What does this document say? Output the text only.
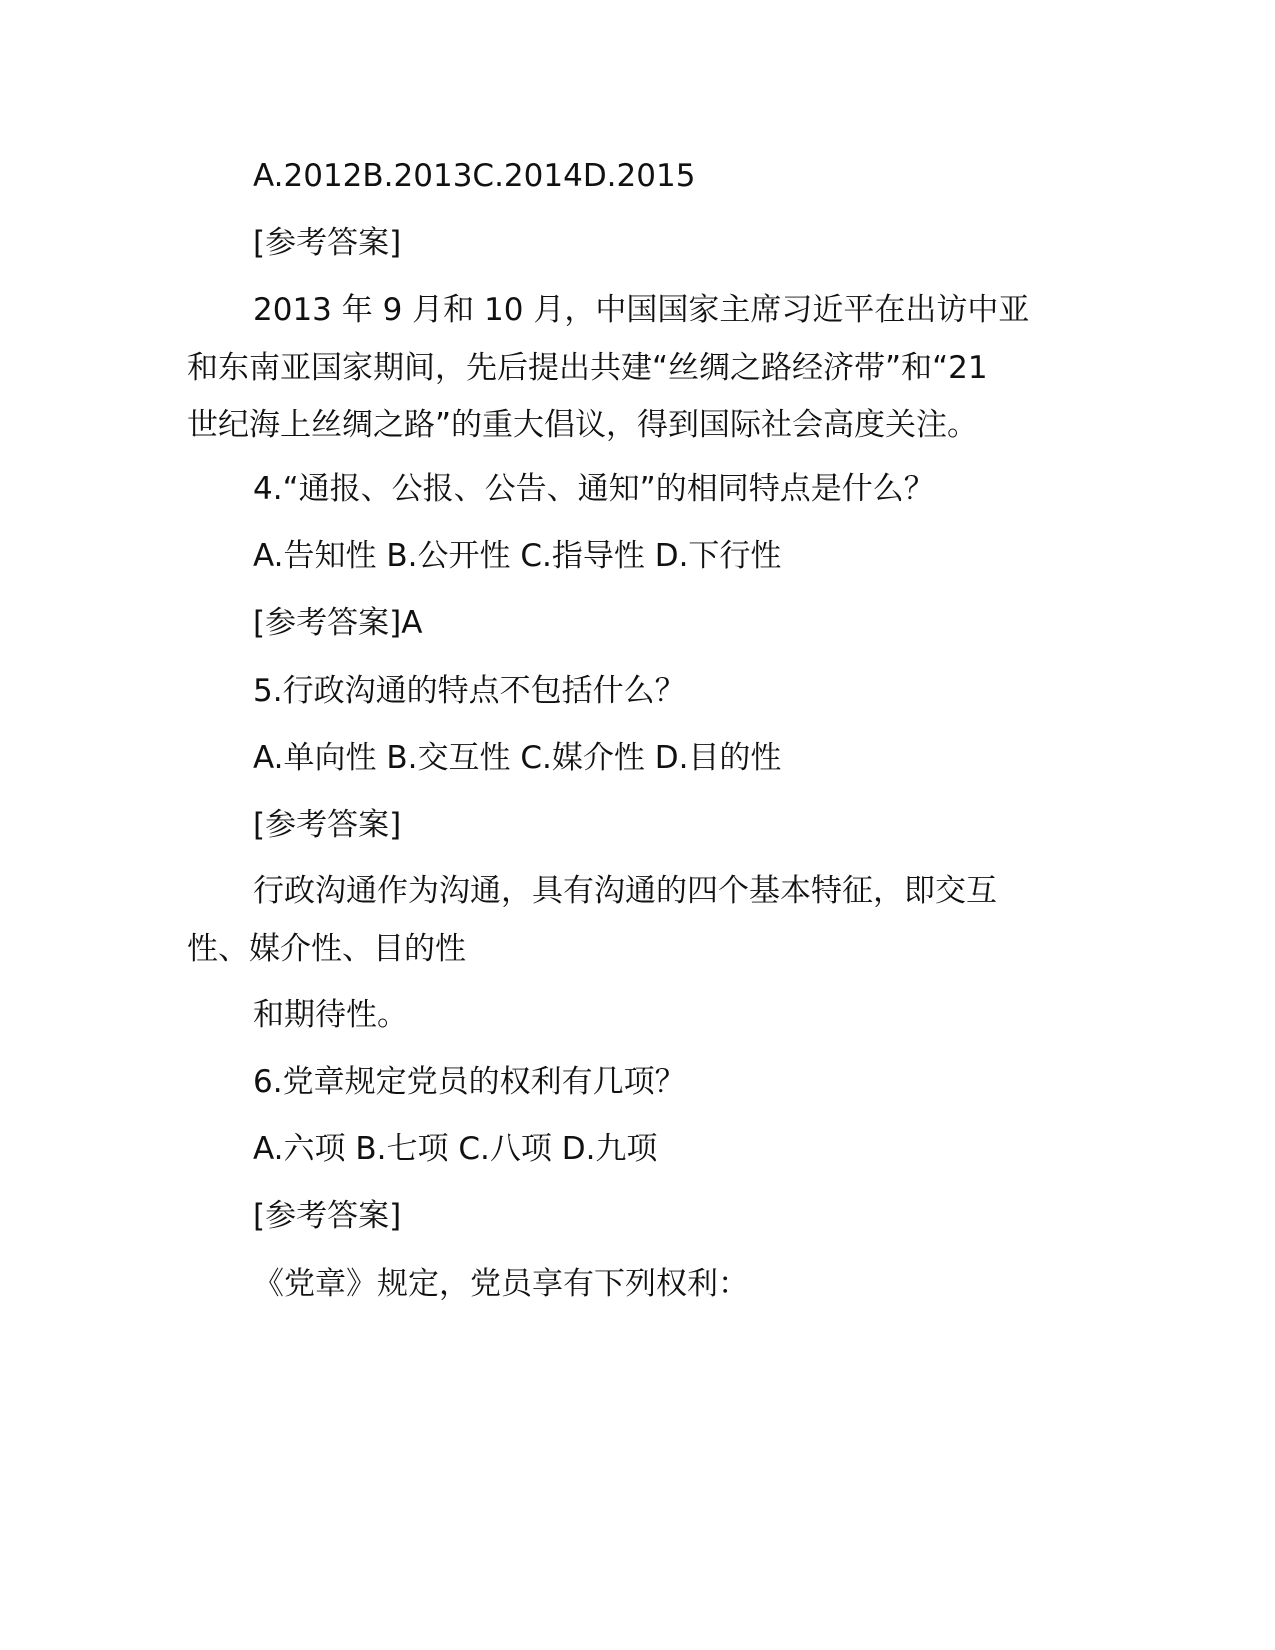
A.2012B.2013C.2014D.2015
[参考答案]
2013 年 9 月和 10 月，中国国家主席习近平在出访中亚
和东南亚国家期间，先后提出共建“丝绸之路经济带”和“21
世纪海上丝绸之路”的重大倡议，得到国际社会高度关注。
4.“通报、公报、公告、通知”的相同特点是什么？
A.告知性 B.公开性 C.指导性 D.下行性
[参考答案]A
5.行政沟通的特点不包括什么？
A.单向性 B.交互性 C.媒介性 D.目的性
[参考答案]
行政沟通作为沟通，具有沟通的四个基本特征，即交互
性、媒介性、目的性
和期待性。
6.党章规定党员的权利有几项？
A.六项 B.七项 C.八项 D.九项
[参考答案]
《党章》规定，党员享有下列权利：
